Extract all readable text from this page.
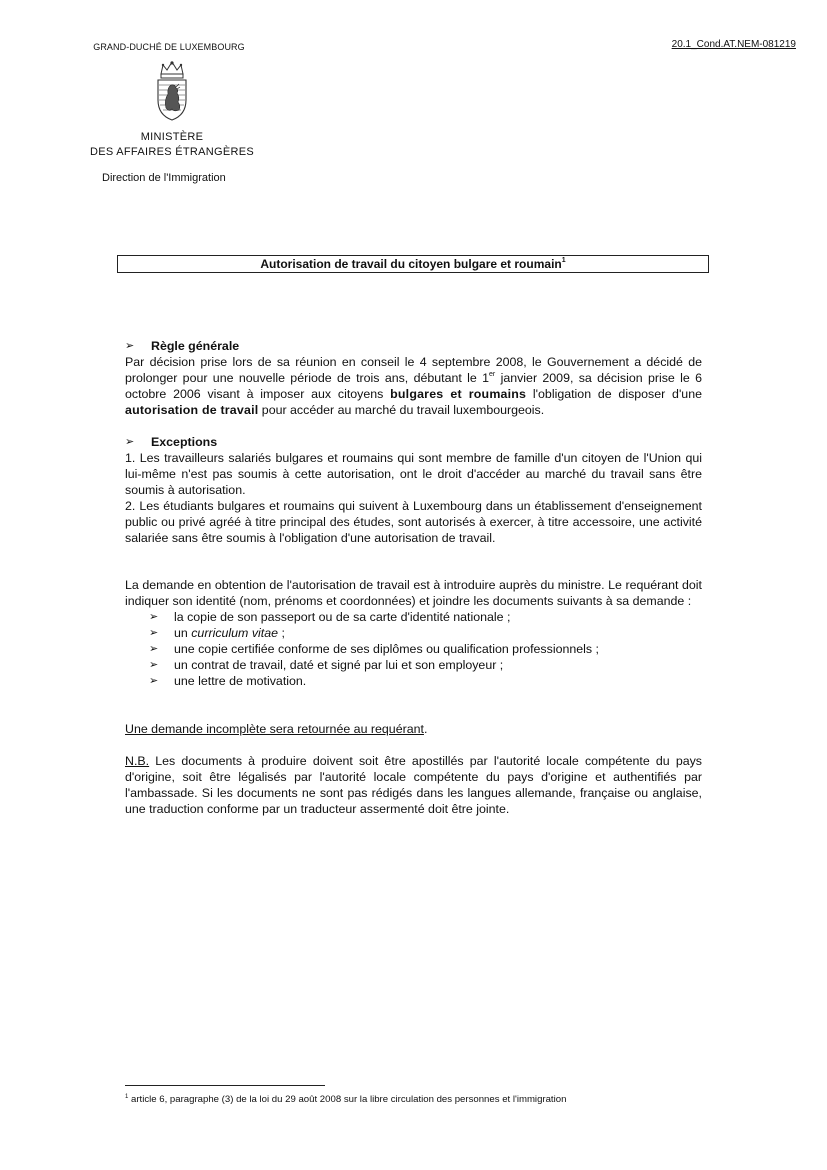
20.1_Cond.AT.NEM-081219
GRAND-DUCHÉ DE LUXEMBOURG
MINISTÈRE
DES AFFAIRES ÉTRANGÈRES
Direction de l'Immigration
Autorisation de travail du citoyen bulgare et roumain$^1$
➢	Règle générale

Par décision prise lors de sa réunion en conseil le 4 septembre 2008, le Gouvernement a décidé de prolonger pour une nouvelle période de trois ans, débutant le 1er janvier 2009, sa décision prise le 6 octobre 2006 visant à imposer aux citoyens bulgares et roumains l'obligation de disposer d'une autorisation de travail pour accéder au marché du travail luxembourgeois.

➢	Exceptions

1. Les travailleurs salariés bulgares et roumains qui sont membre de famille d'un citoyen de l'Union qui lui-même n'est pas soumis à cette autorisation, ont le droit d'accéder au marché du travail sans être soumis à autorisation.

2. Les étudiants bulgares et roumains qui suivent à Luxembourg dans un établissement d'enseignement public ou privé agréé à titre principal des études, sont autorisés à exercer, à titre accessoire, une activité salariée sans être soumis à l'obligation d'une autorisation de travail.

La demande en obtention de l'autorisation de travail est à introduire auprès du ministre. Le requérant doit indiquer son identité (nom, prénoms et coordonnées) et joindre les documents suivants à sa demande :

➢	la copie de son passeport ou de sa carte d'identité nationale ;
➢	un curriculum vitae ;
➢	une copie certifiée conforme de ses diplômes ou qualification professionnels ;
➢	un contrat de travail, daté et signé par lui et son employeur ;
➢	une lettre de motivation.

Une demande incomplète sera retournée au requérant.

N.B. Les documents à produire doivent soit être apostillés par l'autorité locale compétente du pays d'origine, soit être légalisés par l'autorité locale compétente du pays d'origine et authentifiés par l'ambassade. Si les documents ne sont pas rédigés dans les langues allemande, française ou anglaise, une traduction conforme par un traducteur assermenté doit être jointe.

$^1$ article 6, paragraphe (3) de la loi du 29 août 2008 sur la libre circulation des personnes et l'immigration
